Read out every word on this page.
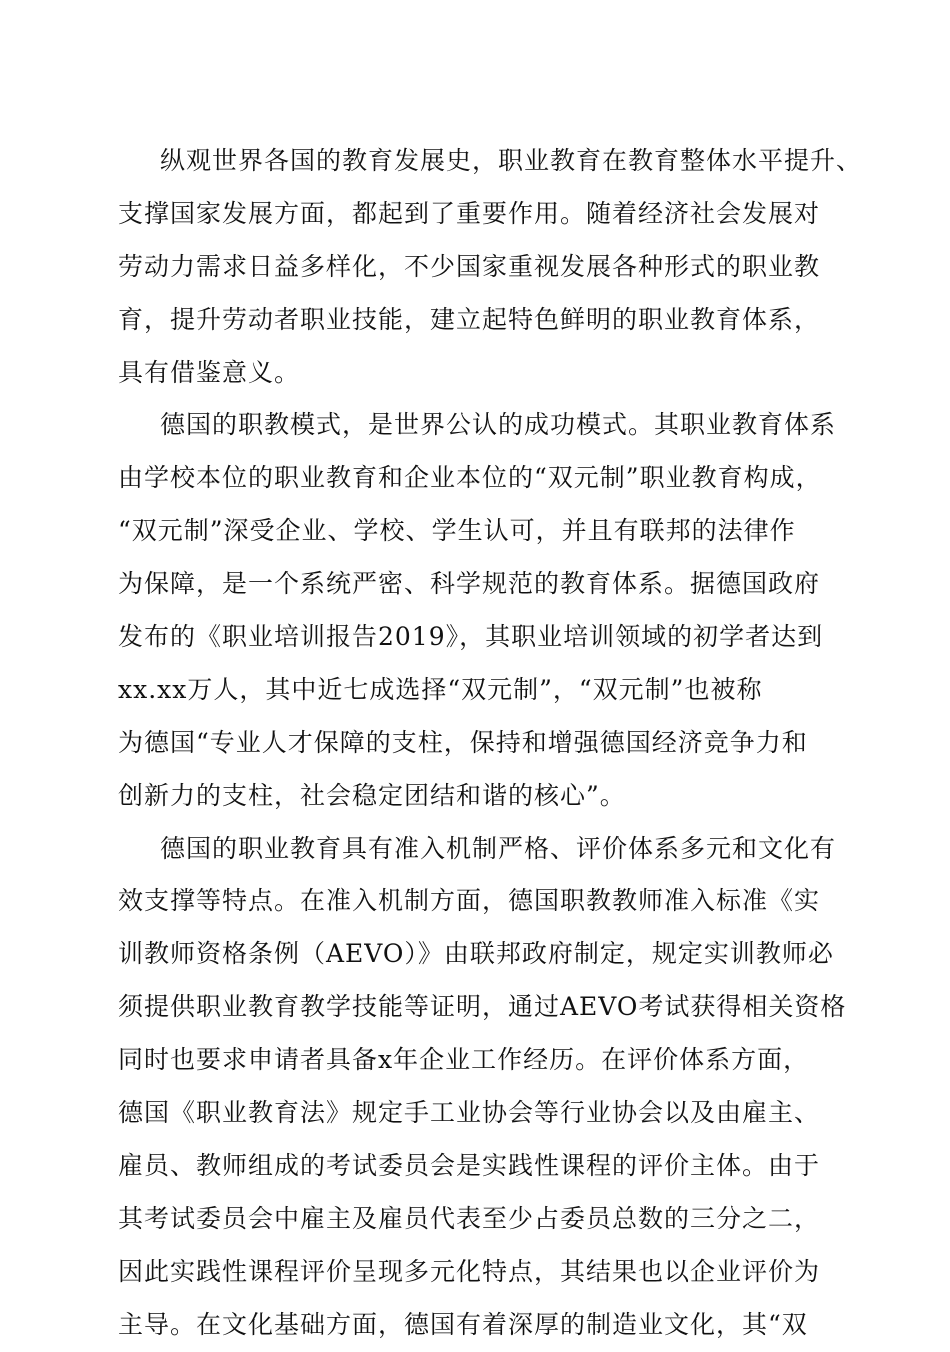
纵观世界各国的教育发展史，职业教育在教育整体水平提升、
支撑国家发展方面，都起到了重要作用。随着经济社会发展对
劳动力需求日益多样化，不少国家重视发展各种形式的职业教
育，提升劳动者职业技能，建立起特色鲜明的职业教育体系，
具有借鉴意义。
德国的职教模式，是世界公认的成功模式。其职业教育体系
由学校本位的职业教育和企业本位的“双元制”职业教育构成，
“双元制”深受企业、学校、学生认可，并且有联邦的法律作
为保障，是一个系统严密、科学规范的教育体系。据德国政府
发布的《职业培训报告2019》，其职业培训领域的初学者达到
xx.xx万人，其中近七成选择“双元制”，“双元制”也被称
为德国“专业人才保障的支柱，保持和增强德国经济竞争力和
创新力的支柱，社会稳定团结和谐的核心”。
德国的职业教育具有准入机制严格、评价体系多元和文化有
效支撑等特点。在准入机制方面，德国职教教师准入标准《实
训教师资格条例（AEVO）》由联邦政府制定，规定实训教师必
须提供职业教育教学技能等证明，通过AEVO考试获得相关资格
同时也要求申请者具备x年企业工作经历。在评价体系方面，
德国《职业教育法》规定手工业协会等行业协会以及由雇主、
雇员、教师组成的考试委员会是实践性课程的评价主体。由于
其考试委员会中雇主及雇员代表至少占委员总数的三分之二，
因此实践性课程评价呈现多元化特点，其结果也以企业评价为
主导。在文化基础方面，德国有着深厚的制造业文化，其“双
